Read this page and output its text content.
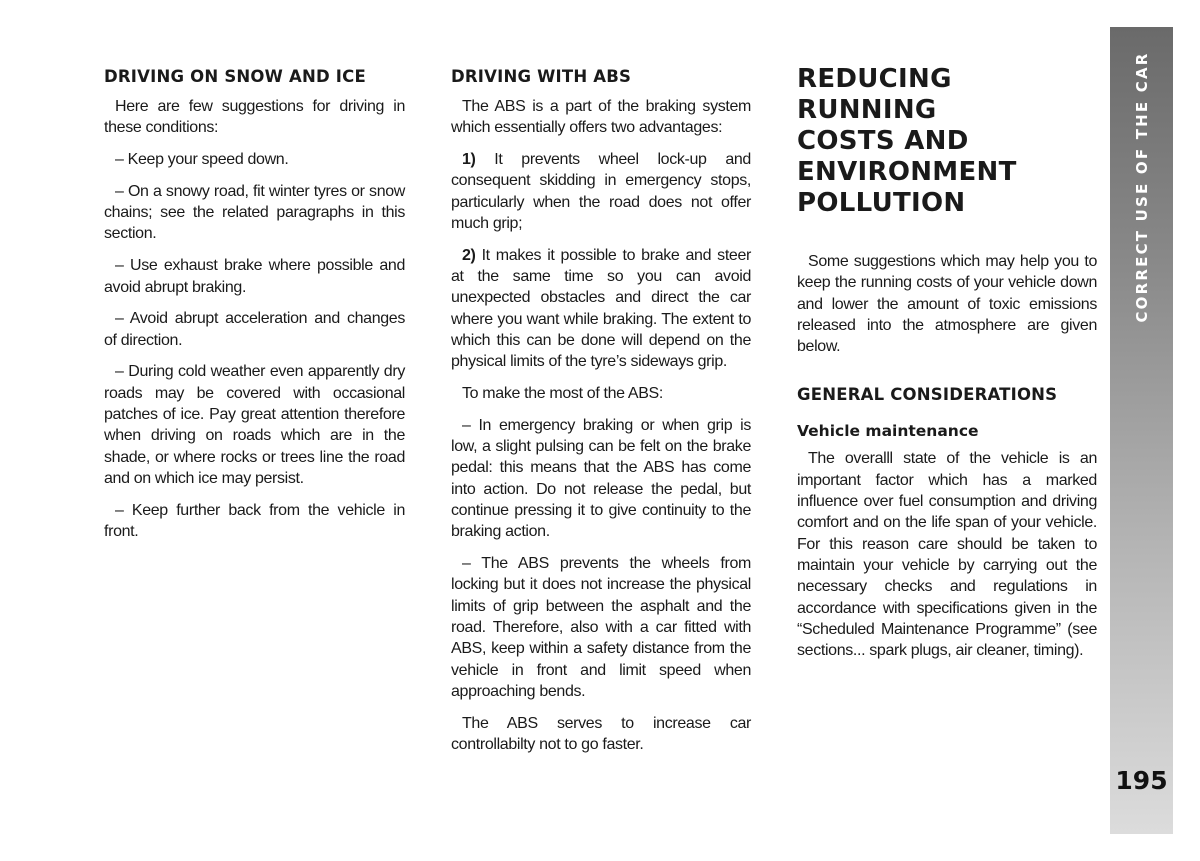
DRIVING ON SNOW AND ICE

Here are few suggestions for driving in these conditions:

– Keep your speed down.

– On a snowy road, fit winter tyres or snow chains; see the related paragraphs in this section.

– Use exhaust brake where possible and avoid abrupt braking.

– Avoid abrupt acceleration and changes of direction.

– During cold weather even apparently dry roads may be covered with occasional patches of ice. Pay great attention therefore when driving on roads which are in the shade, or where rocks or trees line the road and on which ice may persist.

– Keep further back from the vehicle in front.

DRIVING WITH ABS

The ABS is a part of the braking system which essentially offers two advantages:

1) It prevents wheel lock-up and consequent skidding in emergency stops, particularly when the road does not offer much grip;

2) It makes it possible to brake and steer at the same time so you can avoid unexpected obstacles and direct the car where you want while braking. The extent to which this can be done will depend on the physical limits of the tyre’s sideways grip.

To make the most of the ABS:

– In emergency braking or when grip is low, a slight pulsing can be felt on the brake pedal: this means that the ABS has come into action. Do not release the pedal, but continue pressing it to give continuity to the braking action.

– The ABS prevents the wheels from locking but it does not increase the physical limits of grip between the asphalt and the road. Therefore, also with a car fitted with ABS, keep within a safety distance from the vehicle in front and limit speed when approaching bends.

The ABS serves to increase car controllabilty not to go faster.

REDUCING RUNNING
COSTS AND
ENVIRONMENT
POLLUTION

Some suggestions which may help you to keep the running costs of your vehicle down and lower the amount of toxic emissions released into the atmosphere are given below.

GENERAL CONSIDERATIONS
Vehicle maintenance

The overalll state of the vehicle is an important factor which has a marked influence over fuel consumption and driving comfort and on the life span of your vehicle. For this reason care should be taken to maintain your vehicle by carrying out the necessary checks and regulations in accordance with specifications given in the “Scheduled Maintenance Programme” (see sections... spark plugs, air cleaner, timing).

CORRECT USE OF THE CAR
195
